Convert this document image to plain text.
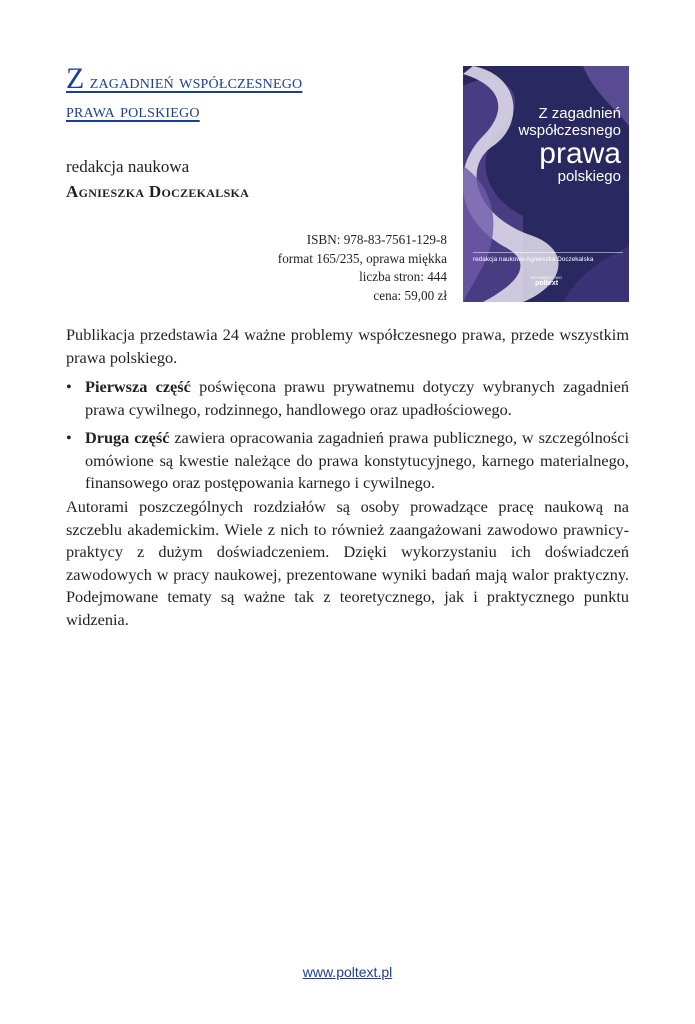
Z zagadnień współczesnego
prawa polskiego
redakcja naukowa
Agnieszka Doczekalska
ISBN: 978-83-7561-129-8
format 165/235, oprawa miękka
liczba stron: 444
cena: 59,00 zł
Z zagadnień
współczesnego
prawa
polskiego
redakcja naukowa Agnieszka Doczekalska
WYDAWNICTWO
poltext

Publikacja przedstawia 24 ważne problemy współczesnego prawa, przede wszystkim prawa polskiego.

• Pierwsza część poświęcona prawu prywatnemu dotyczy wybranych zagadnień prawa cywilnego, rodzinnego, handlowego oraz upadłościowego.
• Druga część zawiera opracowania zagadnień prawa publicznego, w szczególności omówione są kwestie należące do prawa konstytucyjnego, karnego materialnego, finansowego oraz postępowania karnego i cywilnego.

Autorami poszczególnych rozdziałów są osoby prowadzące pracę naukową na szczeblu akademickim. Wiele z nich to również zaangażowani zawodowo prawnicy-praktycy z dużym doświadczeniem. Dzięki wykorzystaniu ich doświadczeń zawodowych w pracy naukowej, prezentowane wyniki badań mają walor praktyczny. Podejmowane tematy są ważne tak z teoretycznego, jak i praktycznego punktu widzenia.

www.poltext.pl
